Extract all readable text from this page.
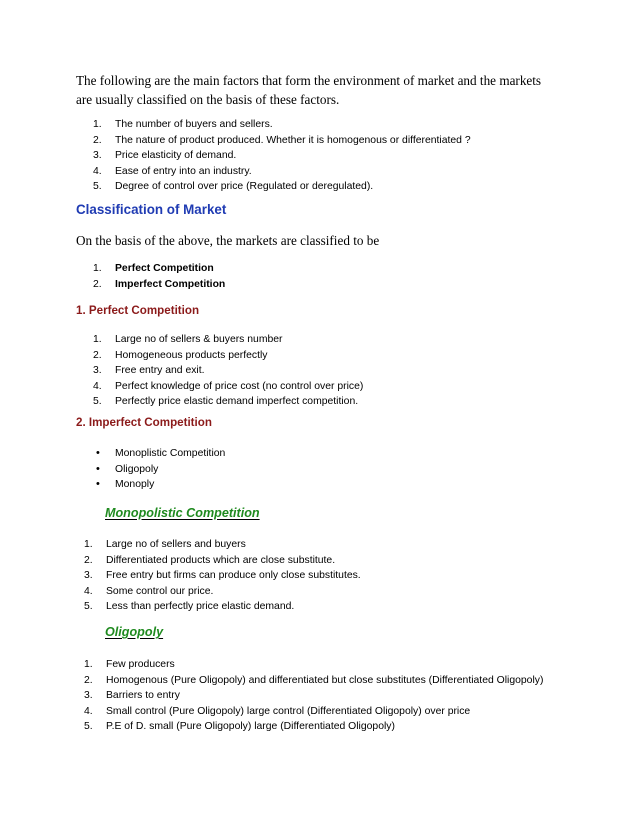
The following are the main factors that form the environment of market and the markets are usually classified on the basis of these factors.
1.	The number of buyers and sellers.
2.	The nature of product produced. Whether it is homogenous or differentiated ?
3.	Price elasticity of demand.
4.	Ease of entry into an industry.
5.	Degree of control over price (Regulated or deregulated).
Classification of Market
On the basis of the above, the markets are classified to be
1.	Perfect Competition
2.	Imperfect Competition
1. Perfect Competition
1.	Large no of sellers & buyers number
2.	Homogeneous products perfectly
3.	Free entry and exit.
4.	Perfect knowledge of price cost (no control over price)
5.	Perfectly price elastic demand imperfect competition.
2. Imperfect Competition
• Monoplistic Competition
• Oligopoly
• Monoply
Monopolistic Competition
1.	Large no of sellers and buyers
2.	Differentiated products which are close substitute.
3.	Free entry but firms can produce only close substitutes.
4.	Some control our price.
5.	Less than perfectly price elastic demand.
Oligopoly
1.	Few producers
2.	Homogenous (Pure Oligopoly) and differentiated but close substitutes (Differentiated Oligopoly)
3.	Barriers to entry
4.	Small control (Pure Oligopoly) large control (Differentiated Oligopoly) over price
5.	P.E of D. small (Pure Oligopoly) large (Differentiated Oligopoly)
